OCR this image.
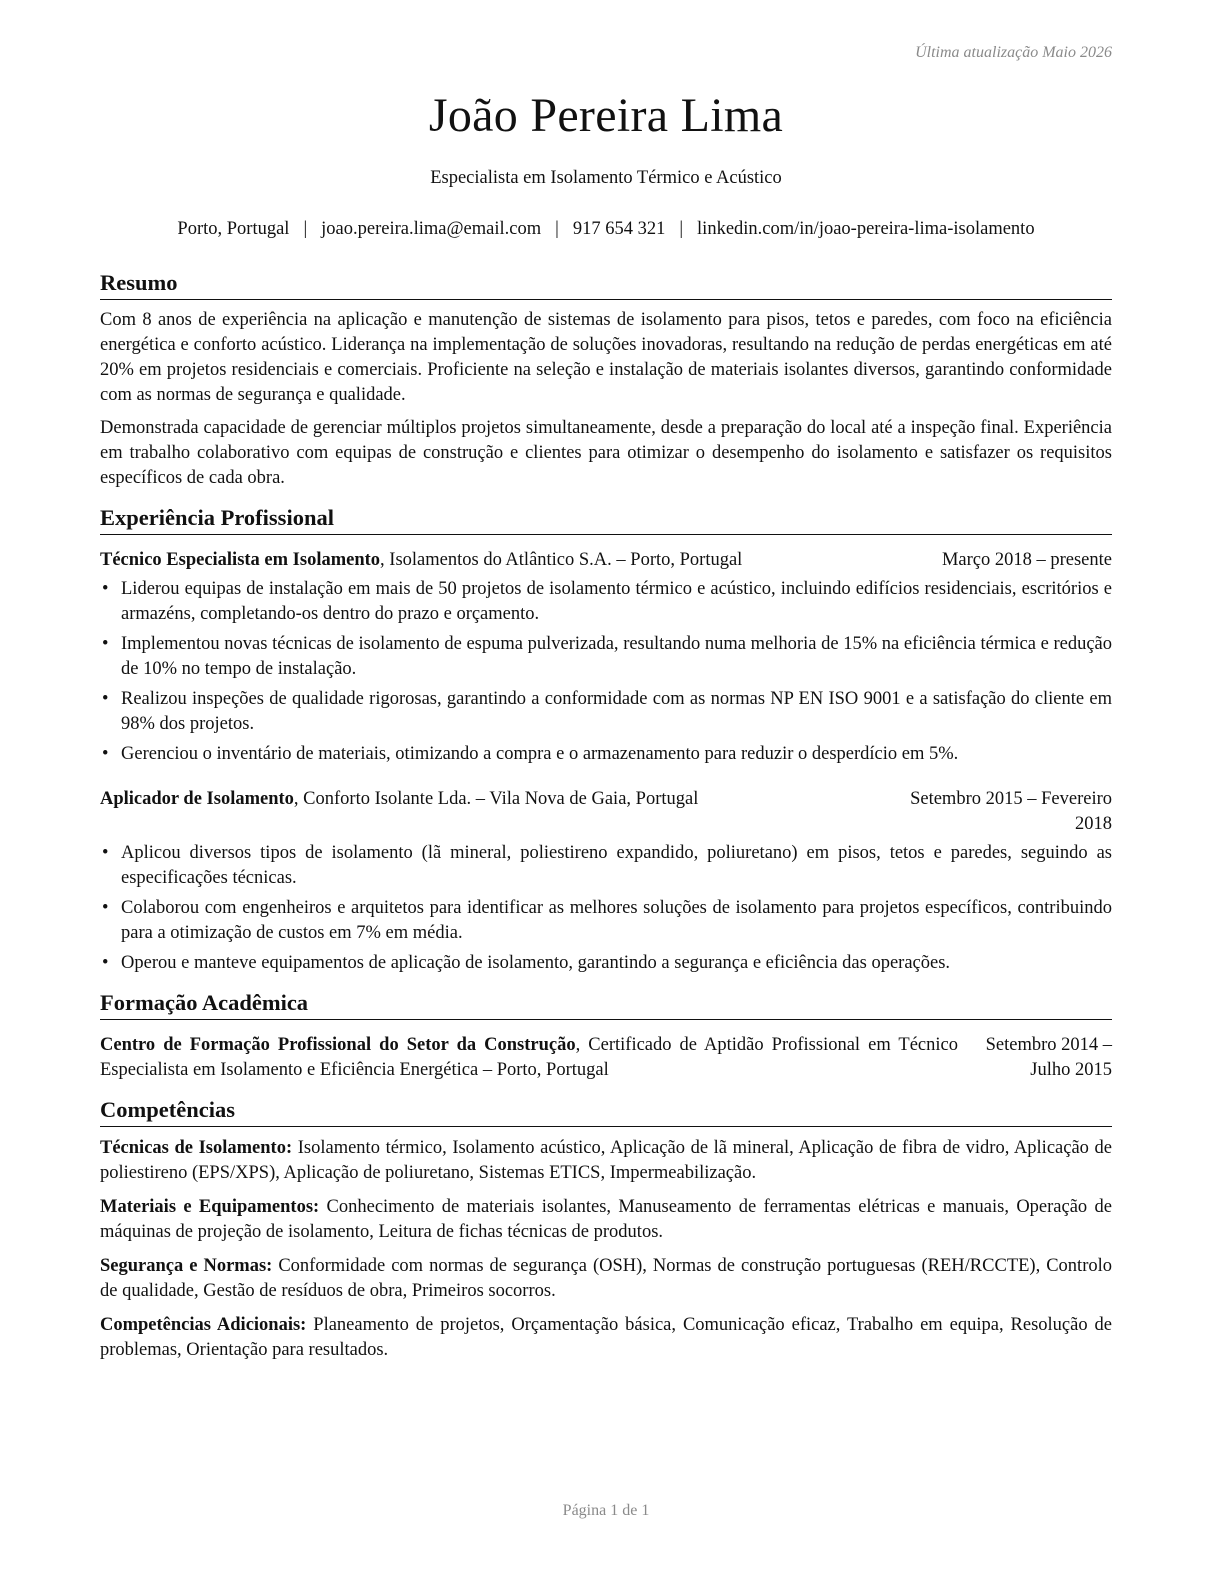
Última atualização Maio 2026
João Pereira Lima
Especialista em Isolamento Térmico e Acústico
Porto, Portugal | joao.pereira.lima@email.com | 917 654 321 | linkedin.com/in/joao-pereira-lima-isolamento
Resumo

Com 8 anos de experiência na aplicação e manutenção de sistemas de isolamento para pisos, tetos e paredes, com foco na eficiência energética e conforto acústico. Liderança na implementação de soluções inovadoras, resultando na redução de perdas energéticas em até 20% em projetos residenciais e comerciais. Proficiente na seleção e instalação de materiais isolantes diversos, garantindo conformidade com as normas de segurança e qualidade.

Demonstrada capacidade de gerenciar múltiplos projetos simultaneamente, desde a preparação do local até a inspeção final. Experiência em trabalho colaborativo com equipas de construção e clientes para otimizar o desempenho do isolamento e satisfazer os requisitos específicos de cada obra.

Experiência Profissional
Técnico Especialista em Isolamento, Isolamentos do Atlântico S.A. – Porto, Portugal	Março 2018 – presente
• Liderou equipas de instalação em mais de 50 projetos de isolamento térmico e acústico, incluindo edifícios residenciais, escritórios e armazéns, completando-os dentro do prazo e orçamento.
• Implementou novas técnicas de isolamento de espuma pulverizada, resultando numa melhoria de 15% na eficiência térmica e redução de 10% no tempo de instalação.
• Realizou inspeções de qualidade rigorosas, garantindo a conformidade com as normas NP EN ISO 9001 e a satisfação do cliente em 98% dos projetos.
• Gerenciou o inventário de materiais, otimizando a compra e o armazenamento para reduzir o desperdício em 5%.
Aplicador de Isolamento, Conforto Isolante Lda. – Vila Nova de Gaia, Portugal	Setembro 2015 – Fevereiro 2018
• Aplicou diversos tipos de isolamento (lã mineral, poliestireno expandido, poliuretano) em pisos, tetos e paredes, seguindo as especificações técnicas.
• Colaborou com engenheiros e arquitetos para identificar as melhores soluções de isolamento para projetos específicos, contribuindo para a otimização de custos em 7% em média.
• Operou e manteve equipamentos de aplicação de isolamento, garantindo a segurança e eficiência das operações.
Formação Acadêmica
Centro de Formação Profissional do Setor da Construção, Certificado de Aptidão Profissional em Técnico Especialista em Isolamento e Eficiência Energética – Porto, Portugal
Setembro 2014 – Julho 2015
Competências
Técnicas de Isolamento: Isolamento térmico, Isolamento acústico, Aplicação de lã mineral, Aplicação de fibra de vidro, Aplicação de poliestireno (EPS/XPS), Aplicação de poliuretano, Sistemas ETICS, Impermeabilização.
Materiais e Equipamentos: Conhecimento de materiais isolantes, Manuseamento de ferramentas elétricas e manuais, Operação de máquinas de projeção de isolamento, Leitura de fichas técnicas de produtos.
Segurança e Normas: Conformidade com normas de segurança (OSH), Normas de construção portuguesas (REH/RCCTE), Controlo de qualidade, Gestão de resíduos de obra, Primeiros socorros.
Competências Adicionais: Planeamento de projetos, Orçamentação básica, Comunicação eficaz, Trabalho em equipa, Resolução de problemas, Orientação para resultados.
Página 1 de 1
